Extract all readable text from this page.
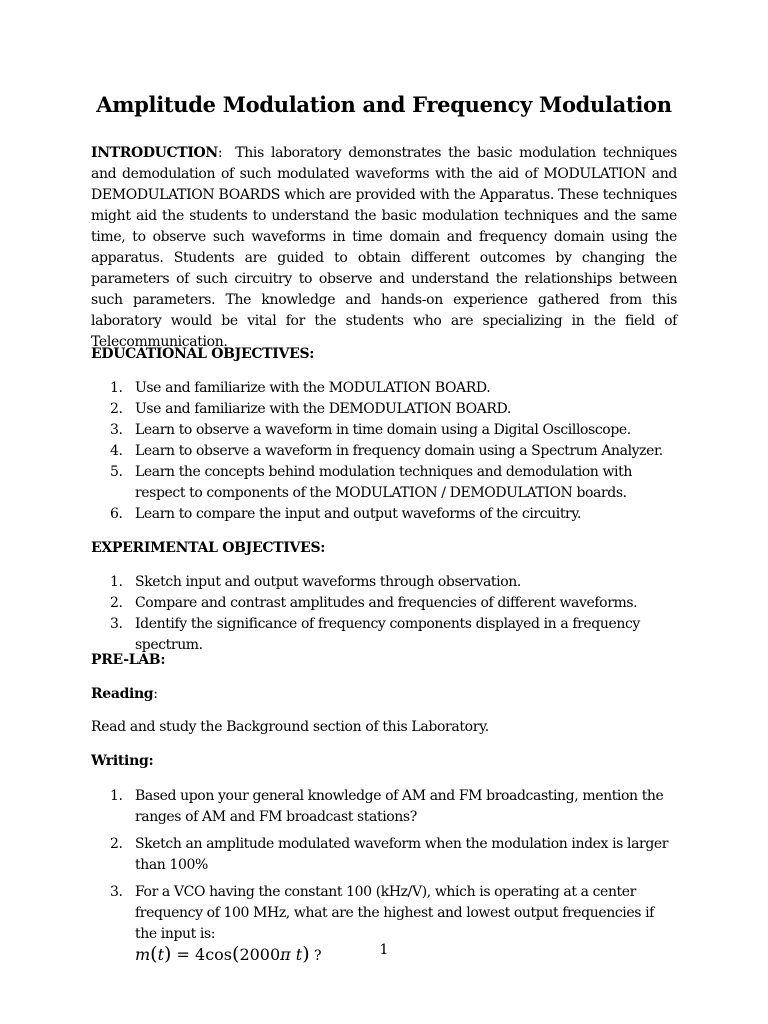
Amplitude Modulation and Frequency Modulation
INTRODUCTION: This laboratory demonstrates the basic modulation techniques and demodulation of such modulated waveforms with the aid of MODULATION and DEMODULATION BOARDS which are provided with the Apparatus. These techniques might aid the students to understand the basic modulation techniques and the same time, to observe such waveforms in time domain and frequency domain using the apparatus. Students are guided to obtain different outcomes by changing the parameters of such circuitry to observe and understand the relationships between such parameters. The knowledge and hands-on experience gathered from this laboratory would be vital for the students who are specializing in the field of Telecommunication.
EDUCATIONAL OBJECTIVES:
1. Use and familiarize with the MODULATION BOARD.
2. Use and familiarize with the DEMODULATION BOARD.
3. Learn to observe a waveform in time domain using a Digital Oscilloscope.
4. Learn to observe a waveform in frequency domain using a Spectrum Analyzer.
5. Learn the concepts behind modulation techniques and demodulation with respect to components of the MODULATION / DEMODULATION boards.
6. Learn to compare the input and output waveforms of the circuitry.
EXPERIMENTAL OBJECTIVES:
1. Sketch input and output waveforms through observation.
2. Compare and contrast amplitudes and frequencies of different waveforms.
3. Identify the significance of frequency components displayed in a frequency spectrum.
PRE-LAB:
Reading:
Read and study the Background section of this Laboratory.
Writing:
1. Based upon your general knowledge of AM and FM broadcasting, mention the ranges of AM and FM broadcast stations?
2. Sketch an amplitude modulated waveform when the modulation index is larger than 100%
3. For a VCO having the constant 100 (kHz/V), which is operating at a center frequency of 100 MHz, what are the highest and lowest output frequencies if the input is:
m(t) = 4cos(2000π t) ?	1
